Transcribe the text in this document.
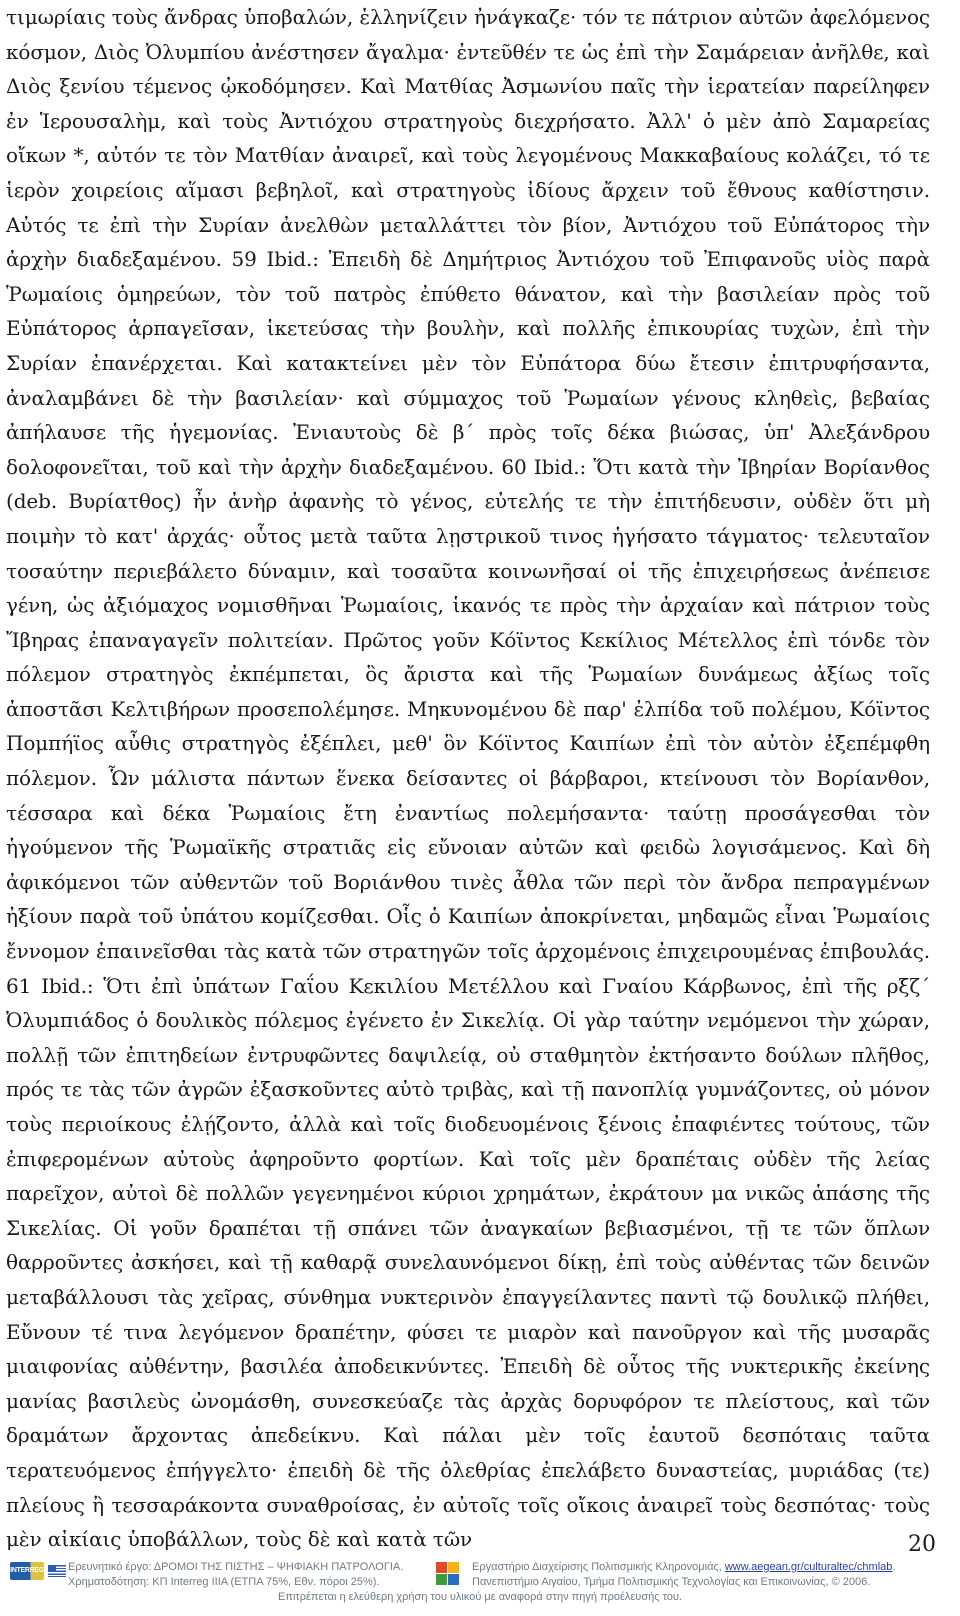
τιμωρίαις τοὺς ἄνδρας ὑποβαλών, ἑλληνίζειν ἠνάγκαζε· τόν τε πάτριον αὐτῶν ἀφελόμενος κόσμον, Διὸς Ὀλυμπίου ἀνέστησεν ἄγαλμα· ἐντεῦθέν τε ὡς ἐπὶ τὴν Σαμάρειαν ἀνῆλθε, καὶ Διὸς ξενίου τέμενος ᾠκοδόμησεν. Καὶ Ματθίας Ἀσμωνίου παῖς τὴν ἱερατείαν παρείληφεν ἐν Ἱερουσαλὴμ, καὶ τοὺς Ἀντιόχου στρατηγοὺς διεχρήσατο. Ἀλλ' ὁ μὲν ἀπὸ Σαμαρείας οἴκων *, αὐτόν τε τὸν Ματθίαν ἀναιρεῖ, καὶ τοὺς λεγομένους Μακκαβαίους κολάζει, τό τε ἱερὸν χοιρείοις αἵμασι βεβηλοῖ, καὶ στρατηγοὺς ἰδίους ἄρχειν τοῦ ἔθνους καθίστησιν. Αὐτός τε ἐπὶ τὴν Συρίαν ἀνελθὼν μεταλλάττει τὸν βίον, Ἀντιόχου τοῦ Εὐπάτορος τὴν ἀρχὴν διαδεξαμένου. 59 Ibid.: Ἐπειδὴ δὲ Δημήτριος Ἀντιόχου τοῦ Ἐπιφανοῦς υἱὸς παρὰ Ῥωμαίοις ὁμηρεύων, τὸν τοῦ πατρὸς ἐπύθετο θάνατον, καὶ τὴν βασιλείαν πρὸς τοῦ Εὐπάτορος ἁρπαγεῖσαν, ἱκετεύσας τὴν βουλὴν, καὶ πολλῆς ἐπικουρίας τυχὼν, ἐπὶ τὴν Συρίαν ἐπανέρχεται. Καὶ κατακτείνει μὲν τὸν Εὐπάτορα δύω ἔτεσιν ἐπιτρυφήσαντα, ἀναλαμβάνει δὲ τὴν βασιλείαν· καὶ σύμμαχος τοῦ Ῥωμαίων γένους κληθεὶς, βεβαίας ἀπήλαυσε τῆς ἡγεμονίας. Ἐνιαυτοὺς δὲ β΄ πρὸς τοῖς δέκα βιώσας, ὑπ' Ἀλεξάνδρου δολοφονεῖται, τοῦ καὶ τὴν ἀρχὴν διαδεξαμένου. 60 Ibid.: Ὅτι κατὰ τὴν Ἰβηρίαν Βορίανθος (deb. Βυρίατθος) ἦν ἀνὴρ ἀφανὴς τὸ γένος, εὐτελής τε τὴν ἐπιτήδευσιν, οὐδὲν ὅτι μὴ ποιμὴν τὸ κατ' ἀρχάς· οὗτος μετὰ ταῦτα λῃστρικοῦ τινος ἡγήσατο τάγματος· τελευταῖον τοσαύτην περιεβάλετο δύναμιν, καὶ τοσαῦτα κοινωνῆσαί οἱ τῆς ἐπιχειρήσεως ἀνέπεισε γένη, ὡς ἀξιόμαχος νομισθῆναι Ῥωμαίοις, ἱκανός τε πρὸς τὴν ἀρχαίαν καὶ πάτριον τοὺς Ἴβηρας ἐπαναγαγεῖν πολιτείαν. Πρῶτος γοῦν Κόϊντος Κεκίλιος Μέτελλος ἐπὶ τόνδε τὸν πόλεμον στρατηγὸς ἐκπέμπεται, ὃς ἄριστα καὶ τῆς Ῥωμαίων δυνάμεως ἀξίως τοῖς ἀποστᾶσι Κελτιβήρων προσεπολέμησε. Μηκυνομένου δὲ παρ' ἐλπίδα τοῦ πολέμου, Κόϊντος Πομπήϊος αὖθις στρατηγὸς ἐξέπλει, μεθ' ὃν Κόϊντος Καιπίων ἐπὶ τὸν αὐτὸν ἐξεπέμφθη πόλεμον. Ὧν μάλιστα πάντων ἕνεκα δείσαντες οἱ βάρβαροι, κτείνουσι τὸν Βορίανθον, τέσσαρα καὶ δέκα Ῥωμαίοις ἔτη ἐναντίως πολεμήσαντα· ταύτῃ προσάγεσθαι τὸν ἡγούμενον τῆς Ῥωμαϊκῆς στρατιᾶς εἰς εὔνοιαν αὐτῶν καὶ φειδὼ λογισάμενος. Καὶ δὴ ἀφικόμενοι τῶν αὐθεντῶν τοῦ Βοριάνθου τινὲς ἆθλα τῶν περὶ τὸν ἄνδρα πεπραγμένων ἠξίουν παρὰ τοῦ ὑπάτου κομίζεσθαι. Οἷς ὁ Καιπίων ἀποκρίνεται, μηδαμῶς εἶναι Ῥωμαίοις ἔννομον ἐπαινεῖσθαι τὰς κατὰ τῶν στρατηγῶν τοῖς ἀρχομένοις ἐπιχειρουμένας ἐπιβουλάς. 61 Ibid.: Ὅτι ἐπὶ ὑπάτων Γαΐου Κεκιλίου Μετέλλου καὶ Γναίου Κάρβωνος, ἐπὶ τῆς ρξζ΄ Ὀλυμπιάδος ὁ δουλικὸς πόλεμος ἐγένετο ἐν Σικελίᾳ. Οἱ γὰρ ταύτην νεμόμενοι τὴν χώραν, πολλῇ τῶν ἐπιτηδείων ἐντρυφῶντες δαψιλείᾳ, οὐ σταθμητὸν ἐκτήσαντο δούλων πλῆθος, πρός τε τὰς τῶν ἀγρῶν ἐξασκοῦντες αὐτὸ τριβὰς, καὶ τῇ πανοπλίᾳ γυμνάζοντες, οὐ μόνον τοὺς περιοίκους ἐλῄζοντο, ἀλλὰ καὶ τοῖς διοδευομένοις ξένοις ἐπαφιέντες τούτους, τῶν ἐπιφερομένων αὐτοὺς ἀφηροῦντο φορτίων. Καὶ τοῖς μὲν δραπέταις οὐδὲν τῆς λείας παρεῖχον, αὐτοὶ δὲ πολλῶν γεγενημένοι κύριοι χρημάτων, ἐκράτουν μα νικῶς ἁπάσης τῆς Σικελίας. Οἱ γοῦν δραπέται τῇ σπάνει τῶν ἀναγκαίων βεβιασμένοι, τῇ τε τῶν ὅπλων θαρροῦντες ἀσκήσει, καὶ τῇ καθαρᾷ συνελαυνόμενοι δίκῃ, ἐπὶ τοὺς αὐθέντας τῶν δεινῶν μεταβάλλουσι τὰς χεῖρας, σύνθημα νυκτερινὸν ἐπαγγείλαντες παντὶ τῷ δουλικῷ πλήθει, Εὔνουν τέ τινα λεγόμενον δραπέτην, φύσει τε μιαρὸν καὶ πανοῦργον καὶ τῆς μυσαρᾶς μιαιφονίας αὐθέντην, βασιλέα ἀποδεικνύντες. Ἐπειδὴ δὲ οὗτος τῆς νυκτερικῆς ἐκείνης μανίας βασιλεὺς ὠνομάσθη, συνεσκεύαζε τὰς ἀρχὰς δορυφόρον τε πλείστους, καὶ τῶν δραμάτων ἄρχοντας ἀπεδείκνυ. Καὶ πάλαι μὲν τοῖς ἑαυτοῦ δεσπόταις ταῦτα τερατευόμενος ἐπήγγελτο· ἐπειδὴ δὲ τῆς ὀλεθρίας ἐπελάβετο δυναστείας, μυριάδας (τε) πλείους ἢ τεσσαράκοντα συναθροίσας, ἐν αὐτοῖς τοῖς οἴκοις ἀναιρεῖ τοὺς δεσπότας· τοὺς μὲν αἰκίαις ὑποβάλλων, τοὺς δὲ καὶ κατὰ τῶν	20
INTERREG Ερευνητικό έργο: ΔΡΟΜΟΙ ΤΗΣ ΠΙΣΤΗΣ – ΨΗΦΙΑΚΗ ΠΑΤΡΟΛΟΓΙΑ.
Χρηματοδότηση: ΚΠ Interreg IIIA (ΕΤΠΑ 75%, Εθν. πόροι 25%).
Εργαστήριο Διαχείρισης Πολιτισμικής Κληρονομιάς, www.aegean.gr/culturaltec/chmlab.
Πανεπιστήμιο Αιγαίου, Τμήμα Πολιτισμικής Τεχνολογίας και Επικοινωνίας, © 2006.
Επιτρέπεται η ελεύθερη χρήση του υλικού με αναφορά στην πηγή προέλευσής του.
